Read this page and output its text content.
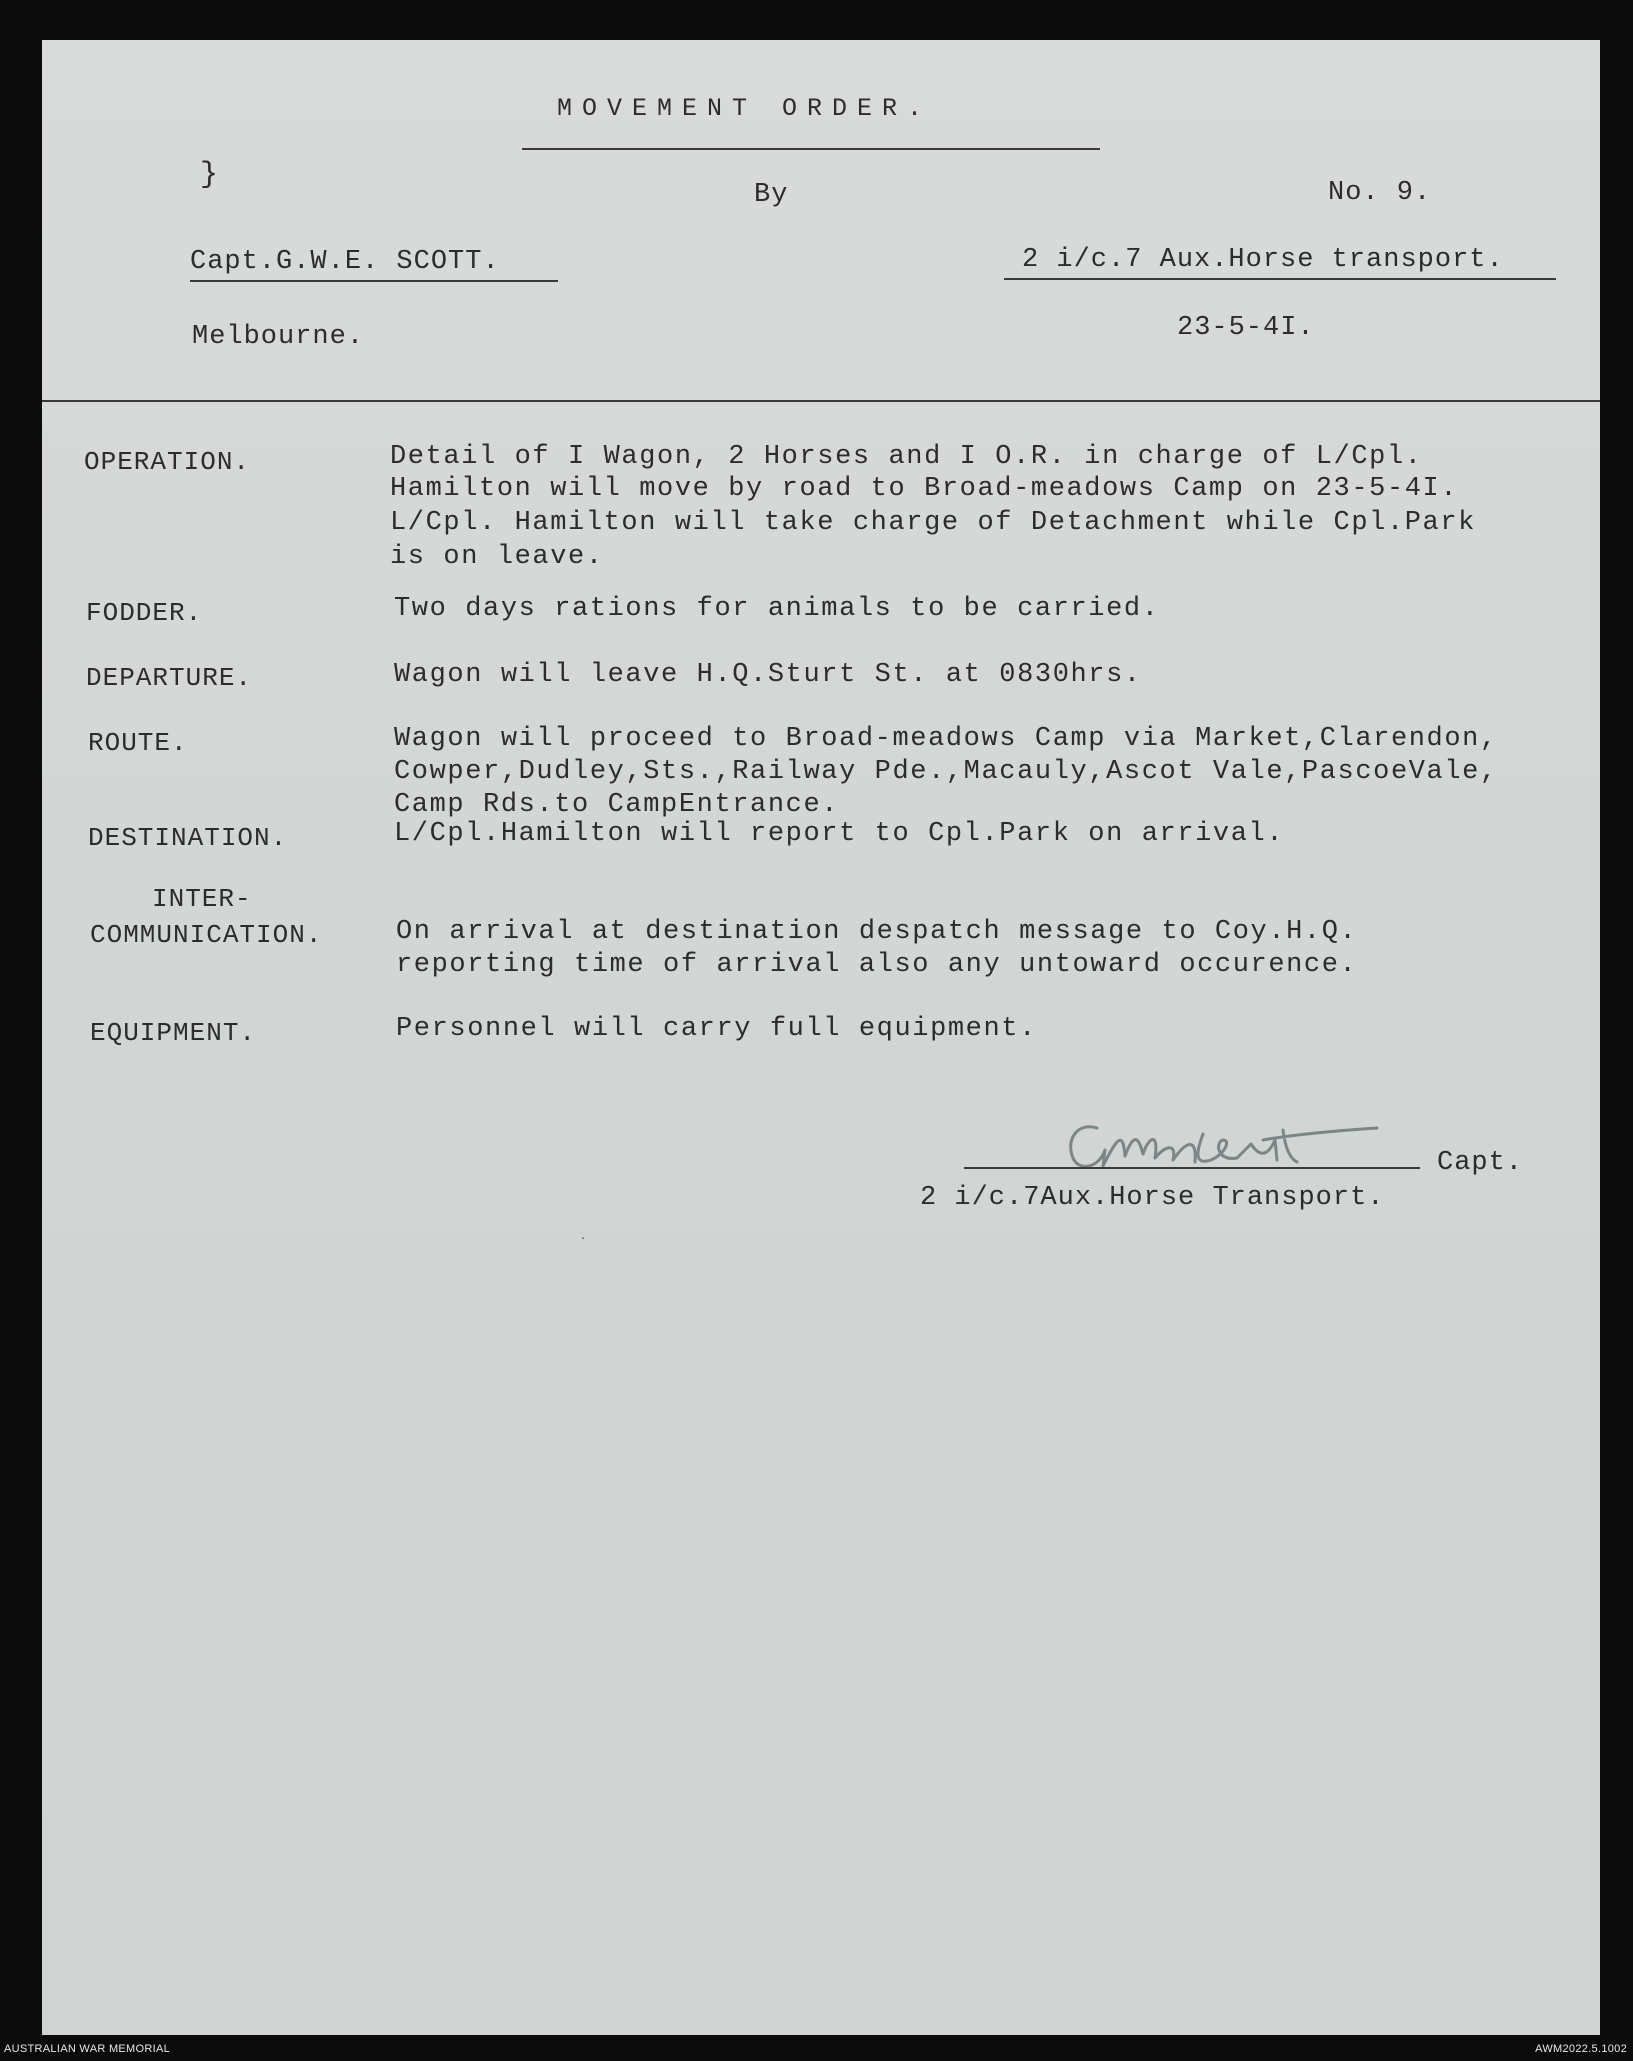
MOVEMENT ORDER.
}
By	No. 9.
Capt.G.W.E. SCOTT.	2 i/c.7 Aux.Horse transport.
Melbourne.	23-5-4I.
OPERATION.	Detail of I Wagon, 2 Horses and I O.R. in charge of L/Cpl.
Hamilton will move by road to Broad-meadows Camp on 23-5-4I.
L/Cpl. Hamilton will take charge of Detachment while Cpl.Park
is on leave.
FODDER.	Two days rations for animals to be carried.
DEPARTURE.	Wagon will leave H.Q.Sturt St. at 0830hrs.
ROUTE.	Wagon will proceed to Broad-meadows Camp via Market,Clarendon,
Cowper,Dudley,Sts.,Railway Pde.,Macauly,Ascot Vale,PascoeVale,
Camp Rds.to CampEntrance.
DESTINATION.	L/Cpl.Hamilton will report to Cpl.Park on arrival.
INTER-
COMMUNICATION.	On arrival at destination despatch message to Coy.H.Q.
reporting time of arrival also any untoward occurence.
EQUIPMENT.	Personnel will carry full equipment.
Capt.
2 i/c.7Aux.Horse Transport.
·
AUSTRALIAN WAR MEMORIAL	AWM2022.5.1002
